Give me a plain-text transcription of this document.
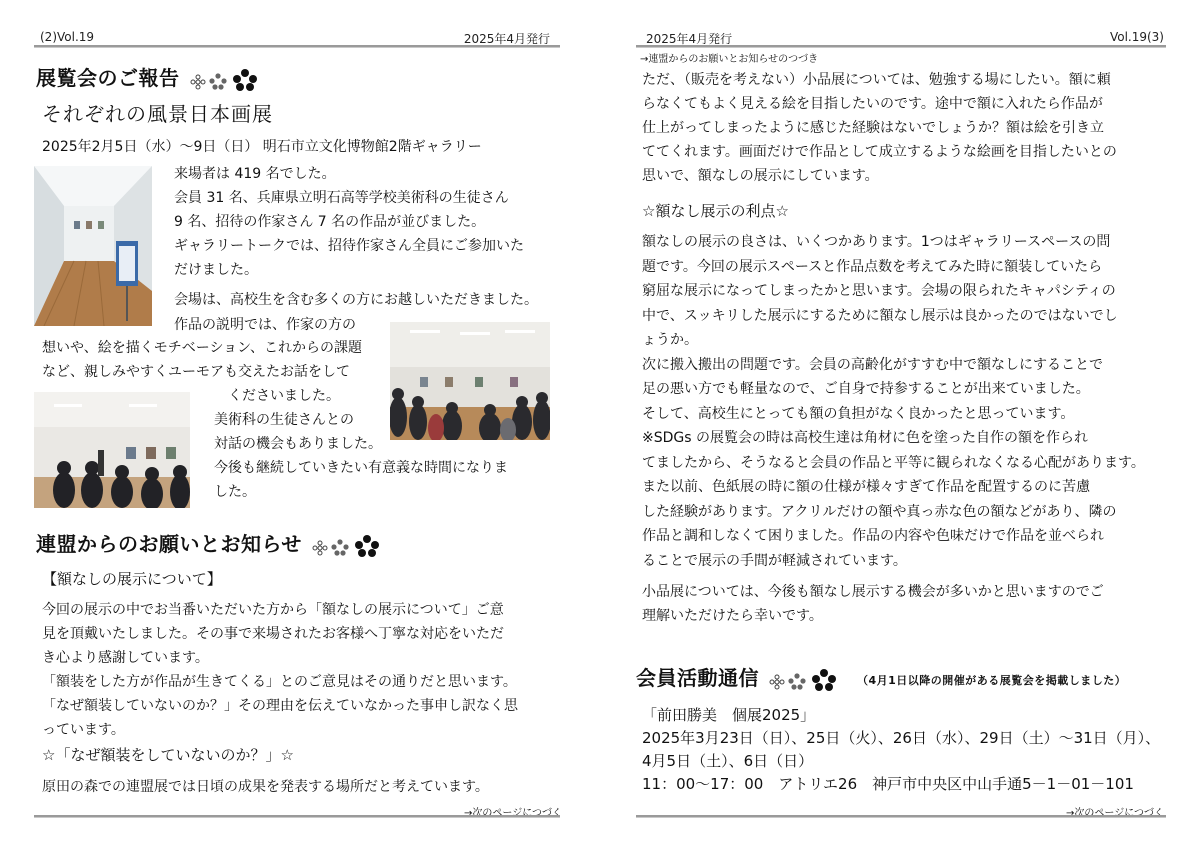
(2)Vol.19	2025年4月発行
展覧会のご報告
それぞれの風景日本画展
2025年2月5日（水）～9日（日） 明石市立文化博物館2階ギャラリー
来場者は 419 名でした。
会員 31 名、兵庫県立明石高等学校美術科の生徒さん
9 名、招待の作家さん 7 名の作品が並びました。
ギャラリートークでは、招待作家さん全員にご参加いた
だけました。
会場は、高校生を含む多くの方にお越しいただきました。
作品の説明では、作家の方の
想いや、絵を描くモチベーション、これからの課題
など、親しみやすくユーモアも交えたお話をして
くださいました。
美術科の生徒さんとの
対話の機会もありました。
今後も継続していきたい有意義な時間になりま
した。
連盟からのお願いとお知らせ
【額なしの展示について】
今回の展示の中でお当番いただいた方から「額なしの展示について」ご意
見を頂戴いたしました。その事で来場されたお客様へ丁寧な対応をいただ
き心より感謝しています。
「額装をした方が作品が生きてくる」とのご意見はその通りだと思います。
「なぜ額装していないのか？」その理由を伝えていなかった事申し訳なく思
っています。
☆「なぜ額装をしていないのか？」☆
原田の森での連盟展では日頃の成果を発表する場所だと考えています。
→次のページにつづく
2025年4月発行	Vol.19(3)
→連盟からのお願いとお知らせのつづき
ただ、（販売を考えない）小品展については、勉強する場にしたい。額に頼
らなくてもよく見える絵を目指したいのです。途中で額に入れたら作品が
仕上がってしまったように感じた経験はないでしょうか？額は絵を引き立
ててくれます。画面だけで作品として成立するような絵画を目指したいとの
思いで、額なしの展示にしています。
☆額なし展示の利点☆
額なしの展示の良さは、いくつかあります。1つはギャラリースペースの問
題です。今回の展示スペースと作品点数を考えてみた時に額装していたら
窮屈な展示になってしまったかと思います。会場の限られたキャパシティの
中で、スッキリした展示にするために額なし展示は良かったのではないでし
ょうか。
次に搬入搬出の問題です。会員の高齢化がすすむ中で額なしにすることで
足の悪い方でも軽量なので、ご自身で持参することが出来ていました。
そして、高校生にとっても額の負担がなく良かったと思っています。
※SDGs の展覧会の時は高校生達は角材に色を塗った自作の額を作られ
てましたから、そうなると会員の作品と平等に観られなくなる心配があります。
また以前、色紙展の時に額の仕様が様々すぎて作品を配置するのに苦慮
した経験があります。アクリルだけの額や真っ赤な色の額などがあり、隣の
作品と調和しなくて困りました。作品の内容や色味だけで作品を並べられ
ることで展示の手間が軽減されています。
小品展については、今後も額なし展示する機会が多いかと思いますのでご
理解いただけたら幸いです。
会員活動通信	（4月1日以降の開催がある展覧会を掲載しました）
「前田勝美　個展2025」
2025年3月23日（日）、25日（火）、26日（水）、29日（土）～31日（月）、
4月5日（土）、6日（日）
11：00～17：00　アトリエ26　神戸市中央区中山手通5－1－01－101
→次のページにつづく
